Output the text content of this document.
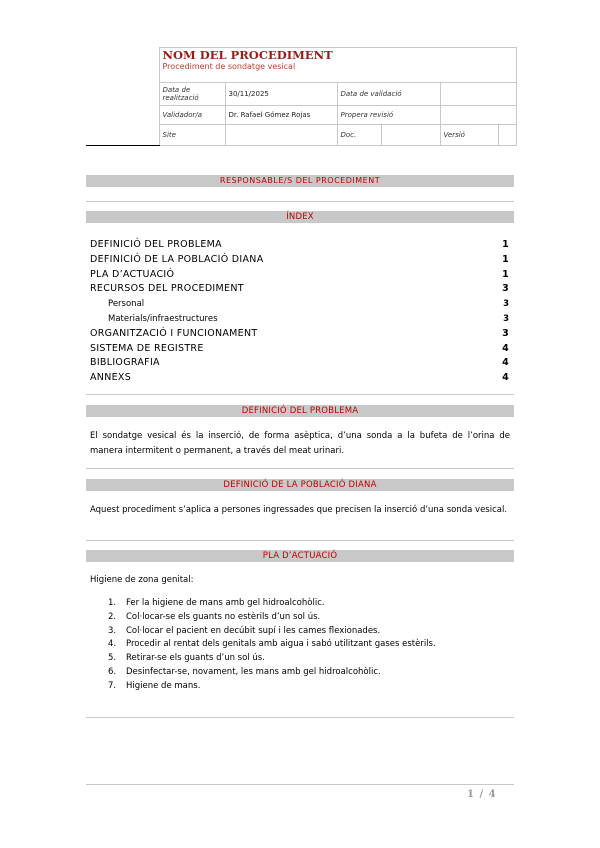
	NOM DEL PROCEDIMENT					
	Procediment de sondatge vesical					
	Data de realització	30/11/2025	Data de validació			
	Validador/a	Dr. Rafael Gómez Rojas	Propera revisió			
	Site		Doc.		Versió	
RESPONSABLE/S DEL PROCEDIMENT
ÍNDEX
DEFINICIÓ DEL PROBLEMA	1
DEFINICIÓ DE LA POBLACIÓ DIANA	1
PLA D’ACTUACIÓ	1
RECURSOS DEL PROCEDIMENT	3
Personal	3
Materials/infraestructures	3
ORGANITZACIÓ I FUNCIONAMENT	3
SISTEMA DE REGISTRE	4
BIBLIOGRAFIA	4
ANNEXS	4
DEFINICIÓ DEL PROBLEMA
El sondatge vesical és la inserció, de forma asèptica, d’una sonda a la bufeta de l’orina de manera intermitent o permanent, a través del meat urinari.
DEFINICIÓ DE LA POBLACIÓ DIANA
Aquest procediment s’aplica a persones ingressades que precisen la inserció d’una sonda vesical.
PLA D’ACTUACIÓ
Higiene de zona genital:
1. Fer la higiene de mans amb gel hidroalcohòlic.
2. Col·locar-se els guants no estèrils d’un sol ús.
3. Col·locar el pacient en decúbit supí i les cames flexionades.
4. Procedir al rentat dels genitals amb aigua i sabó utilitzant gases estèrils.
5. Retirar-se els guants d’un sol ús.
6. Desinfectar-se, novament, les mans amb gel hidroalcohòlic.
7. Higiene de mans.
1 / 4
